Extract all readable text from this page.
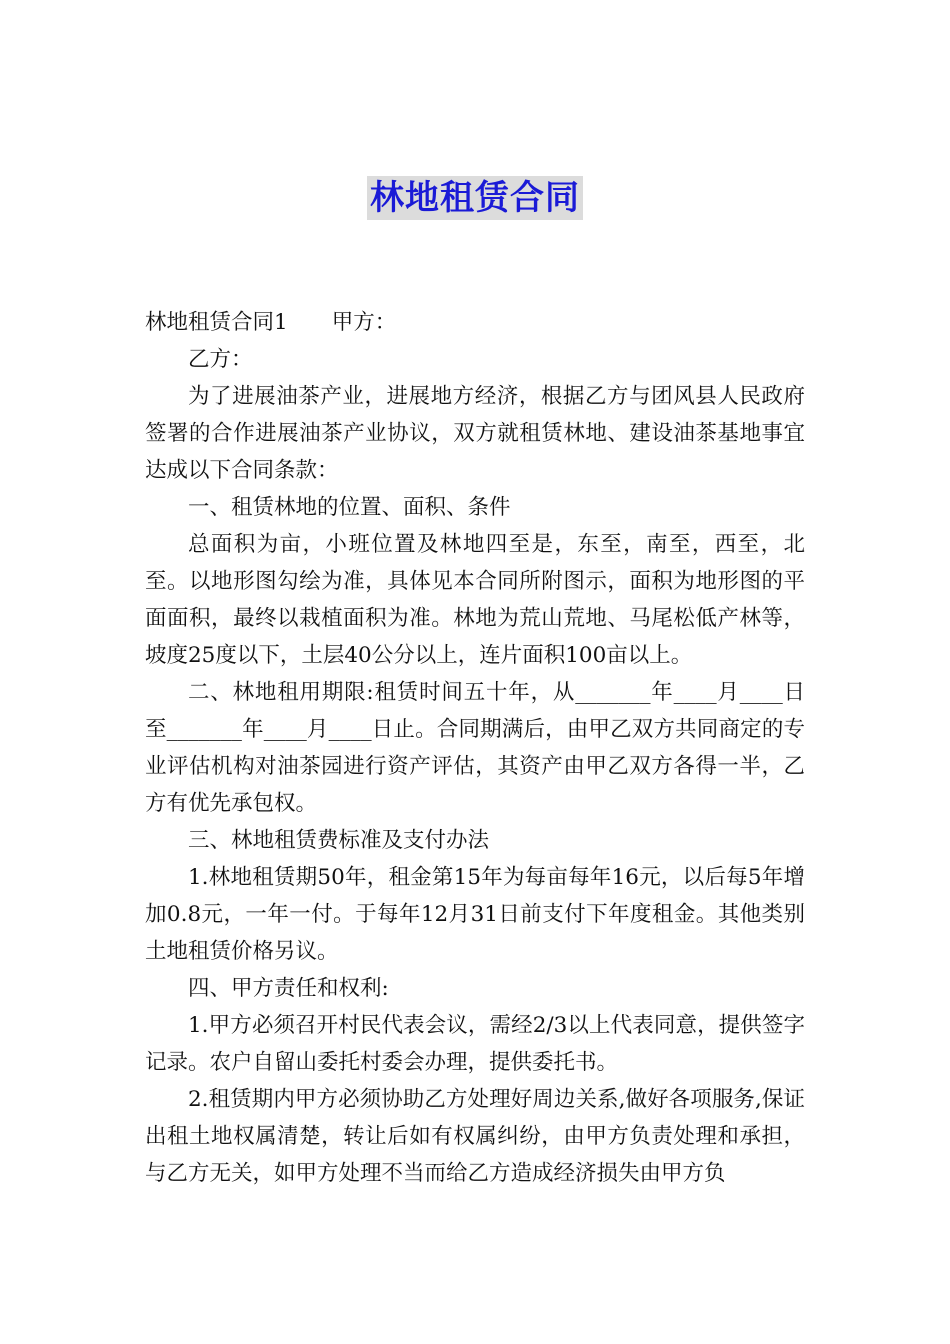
林地租赁合同

林地租赁合同1 甲方：

乙方：

为了进展油茶产业，进展地方经济，根据乙方与团风县人民政府签署的合作进展油茶产业协议，双方就租赁林地、建设油茶基地事宜达成以下合同条款：

一、租赁林地的位置、面积、条件

总面积为亩，小班位置及林地四至是，东至，南至，西至，北至。以地形图勾绘为准，具体见本合同所附图示，面积为地形图的平面面积，最终以栽植面积为准。林地为荒山荒地、马尾松低产林等，坡度25度以下，土层40公分以上，连片面积100亩以上。

二、林地租用期限:租赁时间五十年，从_______年____月____日至_______年____月____日止。合同期满后，由甲乙双方共同商定的专业评估机构对油茶园进行资产评估，其资产由甲乙双方各得一半，乙方有优先承包权。

三、林地租赁费标准及支付办法

1.林地租赁期50年，租金第15年为每亩每年16元，以后每5年增加0.8元，一年一付。于每年12月31日前支付下年度租金。其他类别土地租赁价格另议。

四、甲方责任和权利:

1.甲方必须召开村民代表会议，需经2/3以上代表同意，提供签字记录。农户自留山委托村委会办理，提供委托书。

2.租赁期内甲方必须协助乙方处理好周边关系,做好各项服务,保证出租土地权属清楚，转让后如有权属纠纷，由甲方负责处理和承担，与乙方无关，如甲方处理不当而给乙方造成经济损失由甲方负
